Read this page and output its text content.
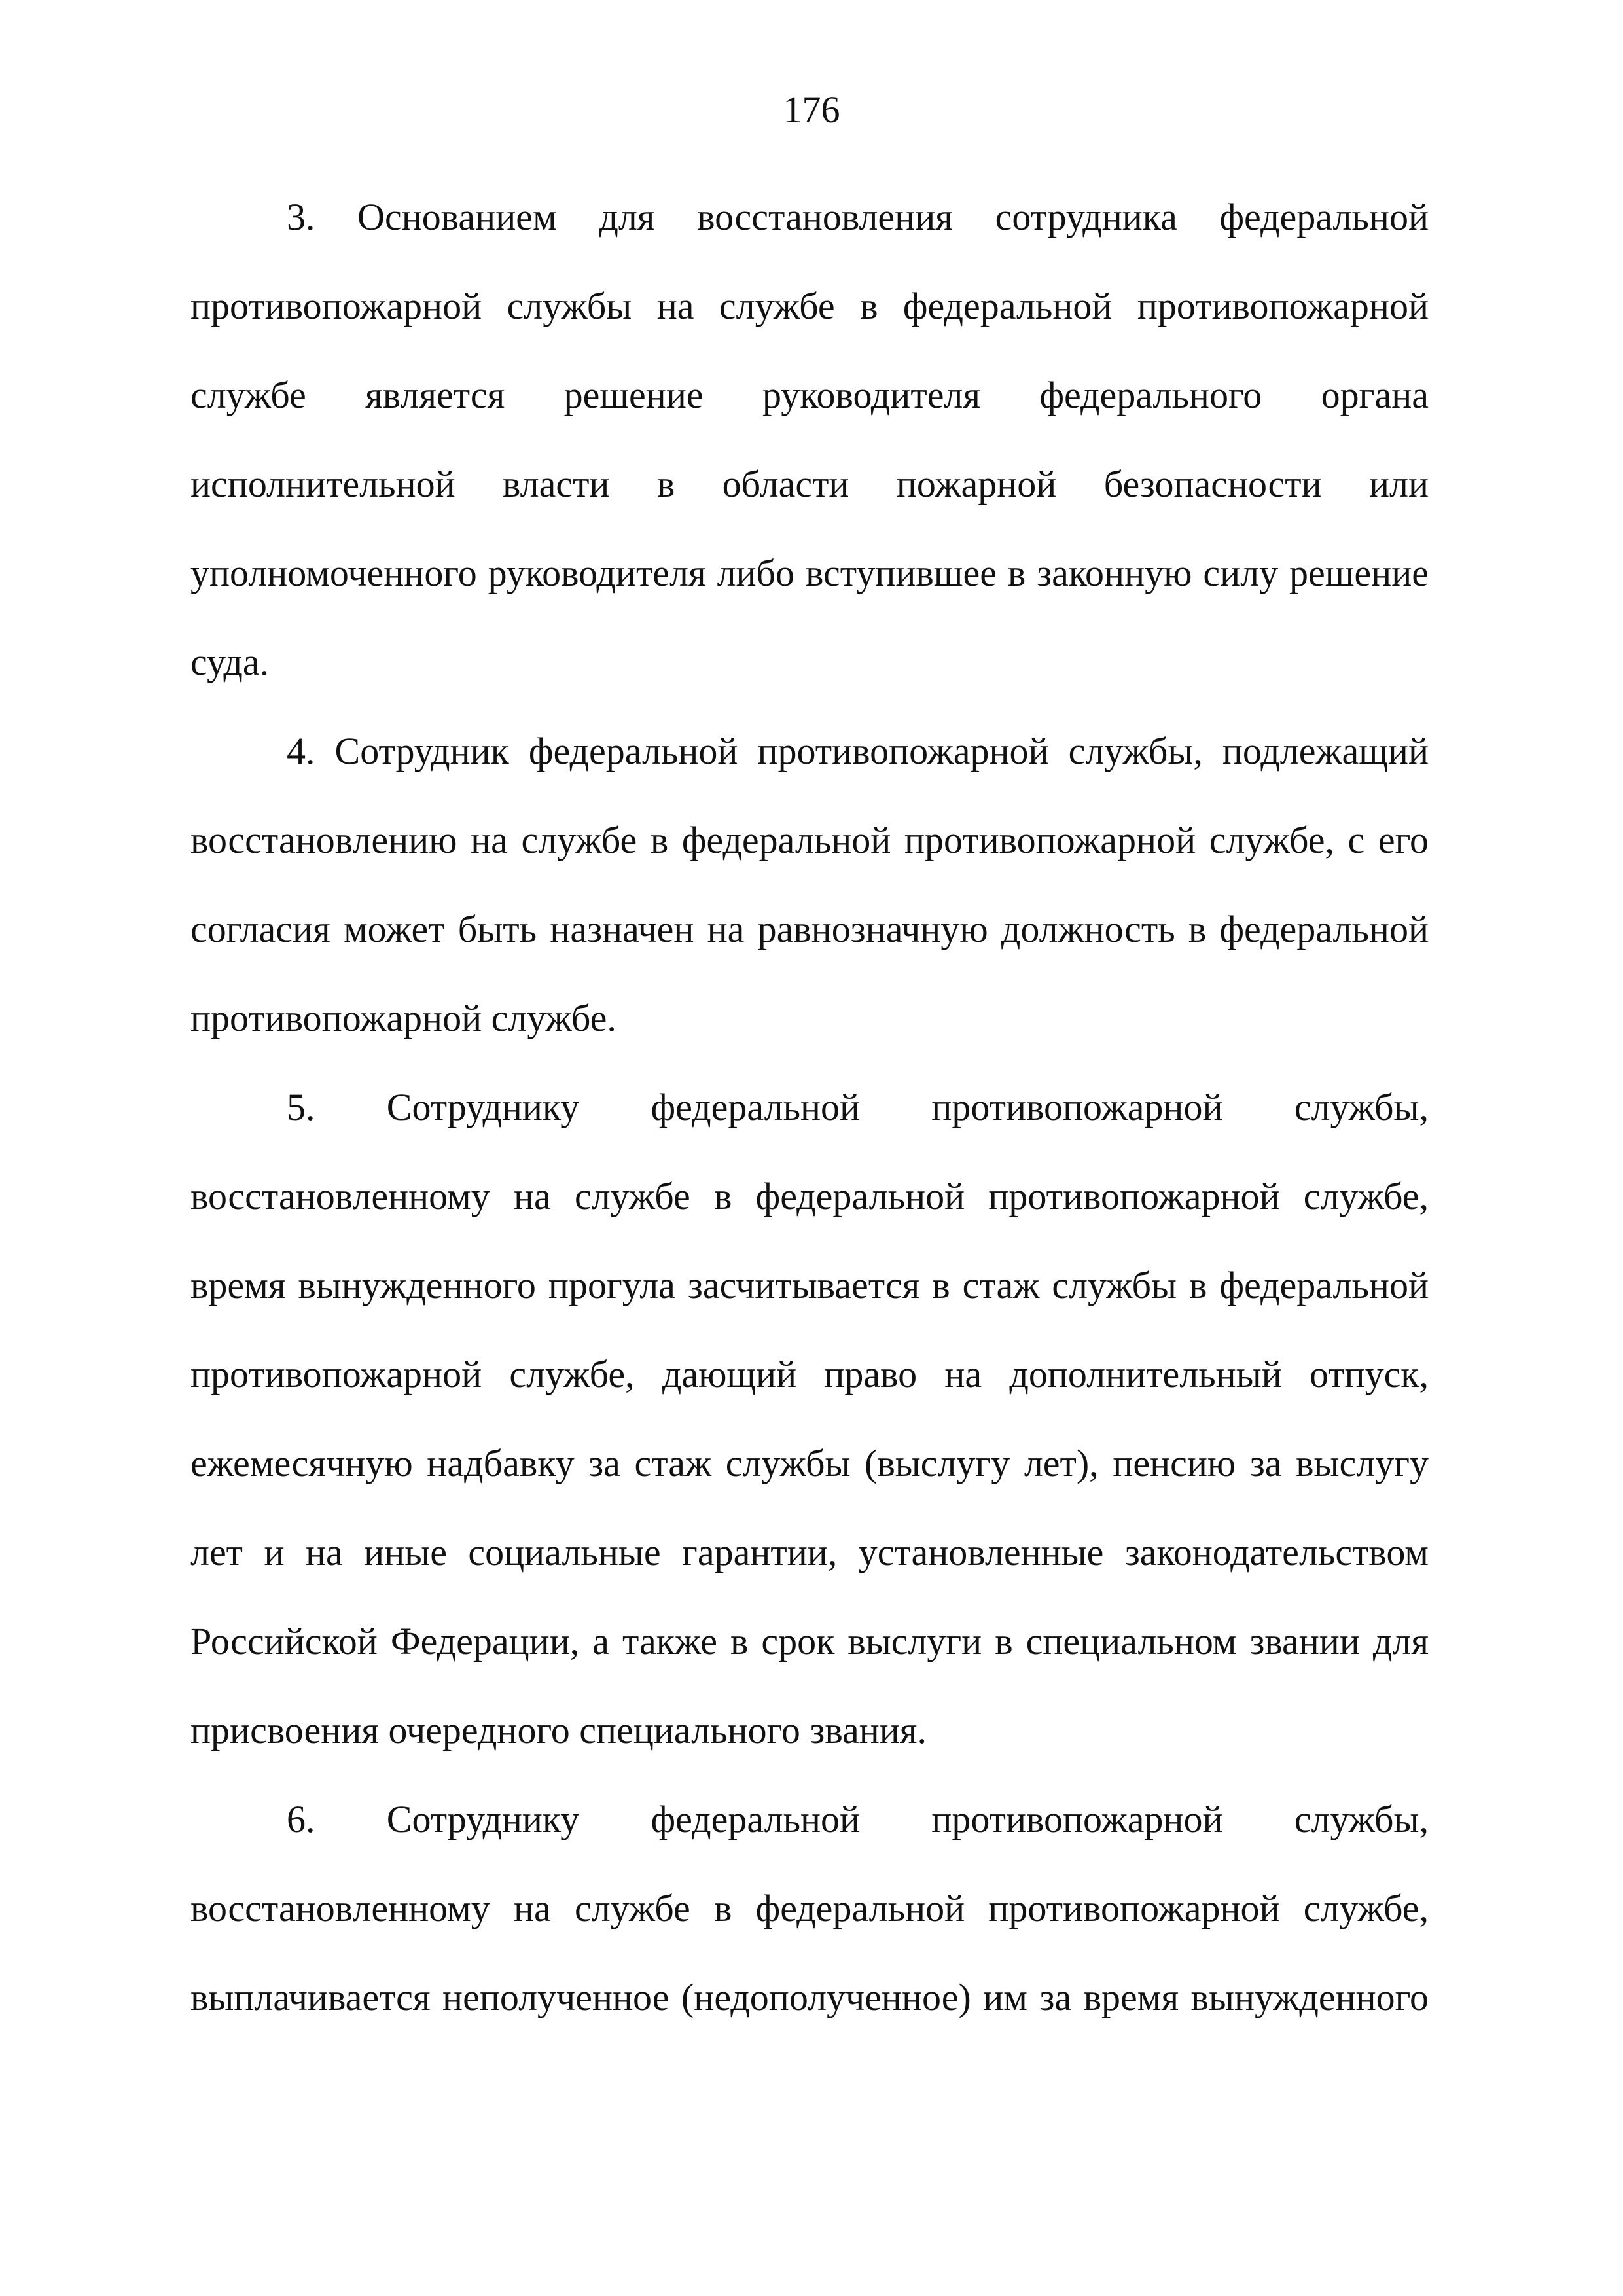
176

3. Основанием для восстановления сотрудника федеральной противопожарной службы на службе в федеральной противопожарной службе является решение руководителя федерального органа исполнительной власти в области пожарной безопасности или уполномоченного руководителя либо вступившее в законную силу решение суда.

4. Сотрудник федеральной противопожарной службы, подлежащий восстановлению на службе в федеральной противопожарной службе, с его согласия может быть назначен на равнозначную должность в федеральной противопожарной службе.

5. Сотруднику федеральной противопожарной службы, восстановленному на службе в федеральной противопожарной службе, время вынужденного прогула засчитывается в стаж службы в федеральной противопожарной службе, дающий право на дополнительный отпуск, ежемесячную надбавку за стаж службы (выслугу лет), пенсию за выслугу лет и на иные социальные гарантии, установленные законодательством Российской Федерации, а также в срок выслуги в специальном звании для присвоения очередного специального звания.

6. Сотруднику федеральной противопожарной службы, восстановленному на службе в федеральной противопожарной службе, выплачивается неполученное (недополученное) им за время вынужденного
